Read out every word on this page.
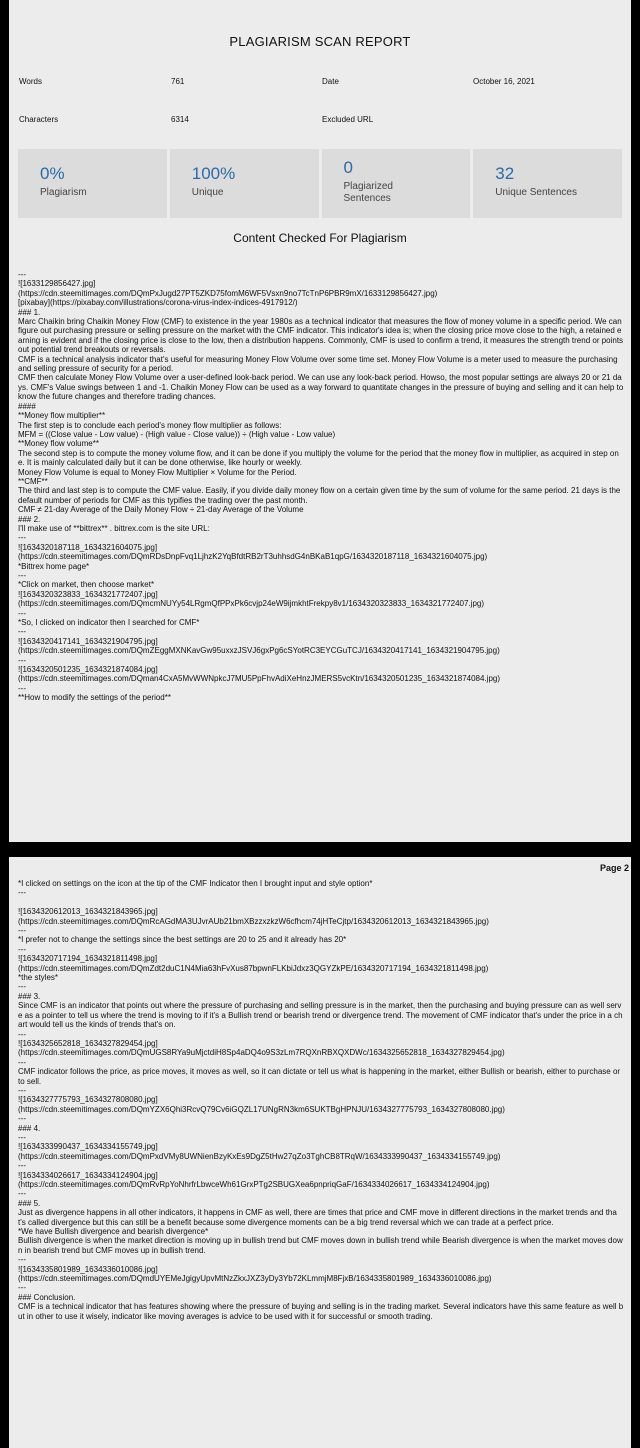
PLAGIARISM SCAN REPORT
Words	761	Date	October 16, 2021
Characters	6314	Excluded URL
0%
Plagiarism
100%
Unique
0
Plagiarized
Sentences
32
Unique Sentences
Content Checked For Plagiarism
---
![1633129856427.jpg]
(https://cdn.steemitimages.com/DQmPxJugd27PT5ZKD75fomM6WF5Vsxn9no7TcTnP6PBR9mX/1633129856427.jpg)
[pixabay](https://pixabay.com/illustrations/corona-virus-index-indices-4917912/)
### 1.
Marc Chaikin bring Chaikin Money Flow (CMF) to existence in the year 1980s as a technical indicator that measures the flow of money volume in a specific period. We can figure out purchasing pressure or selling pressure on the market with the CMF indicator. This indicator's idea is; when the closing price move close to the high, a retained earning is evident and if the closing price is close to the low, then a distribution happens. Commonly, CMF is used to confirm a trend, it measures the strength trend or points out potential trend breakouts or reversals.
CMF is a technical analysis indicator that's useful for measuring Money Flow Volume over some time set. Money Flow Volume is a meter used to measure the purchasing and selling pressure of security for a period.
CMF then calculate Money Flow Volume over a user-defined look-back period. We can use any look-back period. Howso, the most popular settings are always 20 or 21 days. CMF's Value swings between 1 and -1. Chaikin Money Flow can be used as a way forward to quantitate changes in the pressure of buying and selling and it can help to know the future changes and therefore trading chances.
####
**Money flow multiplier**
The first step is to conclude each period's money flow multiplier as follows:
MFM = ((Close value - Low value) - (High value - Close value)) ÷ (High value - Low value)
**Money flow volume**
The second step is to compute the money volume flow, and it can be done if you multiply the volume for the period that the money flow in multiplier, as acquired in step one. It is mainly calculated daily but it can be done otherwise, like hourly or weekly.
Money Flow Volume is equal to Money Flow Multiplier × Volume for the Period.
**CMF**
The third and last step is to compute the CMF value. Easily, if you divide daily money flow on a certain given time by the sum of volume for the same period. 21 days is the default number of periods for CMF as this typifies the trading over the past month.
CMF ≠ 21-day Average of the Daily Money Flow ÷ 21-day Average of the Volume
### 2.
I'll make use of **bittrex** . bittrex.com is the site URL:
---
![1634320187118_1634321604075.jpg]
(https://cdn.steemitimages.com/DQmRDsDnpFvq1LjhzK2YqBfdtRB2rT3uhhsdG4nBKaB1qpG/1634320187118_1634321604075.jpg)
*Bittrex home page*
---
*Click on market, then choose market*
![1634320323833_1634321772407.jpg]
(https://cdn.steemitimages.com/DQmcmNUYy54LRgmQfPPxPk6cvjp24eW9ijmkhtFrekpy8v1/1634320323833_1634321772407.jpg)
---
*So, I clicked on indicator then I searched for CMF*
---
![1634320417141_1634321904795.jpg]
(https://cdn.steemitimages.com/DQmZEggMXNKavGw95uxxzJSVJ6gxPg6cSYotRC3EYCGuTCJ/1634320417141_1634321904795.jpg)
---
![1634320501235_1634321874084.jpg]
(https://cdn.steemitimages.com/DQman4CxA5MvWWNpkcJ7MU5PpFhvAdiXeHnzJMERS5vcKtn/1634320501235_1634321874084.jpg)
---
**How to modify the settings of the period**
Page 2
*I clicked on settings on the icon at the tip of the CMF Indicator then I brought input and style option*
---

![1634320612013_1634321843965.jpg]
(https://cdn.steemitimages.com/DQmRcAGdMA3UJvrAUb21bmXBzzxzkzW6cfhcm74jHTeCjtp/1634320612013_1634321843965.jpg)
---
*I prefer not to change the settings since the best settings are 20 to 25 and it already has 20*
---
![1634320717194_1634321811498.jpg]
(https://cdn.steemitimages.com/DQmZdt2duC1N4Mia63hFvXus87bpwnFLKbiJdxz3QGYZkPE/1634320717194_1634321811498.jpg)
*the styles*
---
### 3.
Since CMF is an indicator that points out where the pressure of purchasing and selling pressure is in the market, then the purchasing and buying pressure can as well serve as a pointer to tell us where the trend is moving to if it's a Bullish trend or bearish trend or divergence trend. The movement of CMF indicator that's under the price in a chart would tell us the kinds of trends that's on.
---
![1634325652818_1634327829454.jpg]
(https://cdn.steemitimages.com/DQmUGS8RYa9uMjctdiH8Sp4aDQ4o9S3zLm7RQXnRBXQXDWc/1634325652818_1634327829454.jpg)
---
CMF indicator follows the price, as price moves, it moves as well, so it can dictate or tell us what is happening in the market, either Bullish or bearish, either to purchase or to sell.
---
![1634327775793_1634327808080.jpg]
(https://cdn.steemitimages.com/DQmYZX6Qhi3RcvQ79Cv6iGQZL17UNgRN3km6SUKTBgHPNJU/1634327775793_1634327808080.jpg)
---
### 4.
---
![1634333990437_1634334155749.jpg]
(https://cdn.steemitimages.com/DQmPxdVMy8UWNienBzyKxEs9DgZ5tHw27qZo3TghCB8TRqW/1634333990437_1634334155749.jpg)
---
![1634334026617_1634334124904.jpg]
(https://cdn.steemitimages.com/DQmRvRpYoNhrfrLbwceWh61GrxPTg2SBUGXea6pnpriqGaF/1634334026617_1634334124904.jpg)
---
### 5.
Just as divergence happens in all other indicators, it happens in CMF as well, there are times that price and CMF move in different directions in the market trends and that's called divergence but this can still be a benefit because some divergence moments can be a big trend reversal which we can trade at a perfect price.
*We have Bullish divergence and bearish divergence*
Bullish divergence is when the market direction is moving up in bullish trend but CMF moves down in bullish trend while Bearish divergence is when the market moves down in bearish trend but CMF moves up in bullish trend.
---
![1634335801989_1634336010086.jpg]
(https://cdn.steemitimages.com/DQmdUYEMeJgigyUpvMtNzZkxJXZ3yDy3Yb72KLmmjM8FjxB/1634335801989_1634336010086.jpg)
---
### Conclusion.
CMF is a technical indicator that has features showing where the pressure of buying and selling is in the trading market. Several indicators have this same feature as well but in other to use it wisely, indicator like moving averages is advice to be used with it for successful or smooth trading.
